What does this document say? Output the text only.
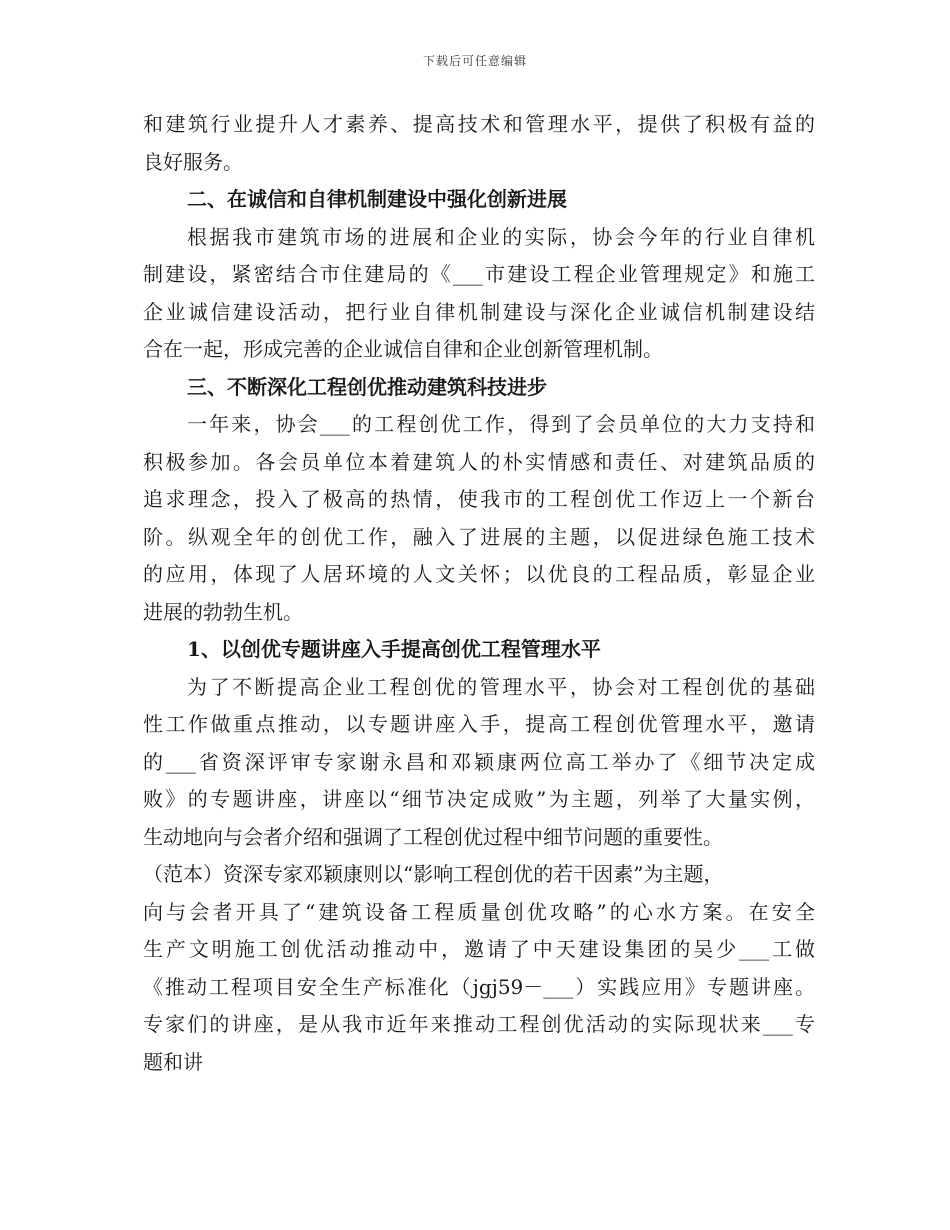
下载后可任意编辑
和建筑行业提升人才素养、提高技术和管理水平，提供了积极有益的
良好服务。
二、在诚信和自律机制建设中强化创新进展
根据我市建筑市场的进展和企业的实际，协会今年的行业自律机
制建设，紧密结合市住建局的《___市建设工程企业管理规定》和施工
企业诚信建设活动，把行业自律机制建设与深化企业诚信机制建设结
合在一起，形成完善的企业诚信自律和企业创新管理机制。
三、不断深化工程创优推动建筑科技进步
一年来，协会___的工程创优工作，得到了会员单位的大力支持和
积极参加。各会员单位本着建筑人的朴实情感和责任、对建筑品质的
追求理念，投入了极高的热情，使我市的工程创优工作迈上一个新台
阶。纵观全年的创优工作，融入了进展的主题，以促进绿色施工技术
的应用，体现了人居环境的人文关怀；以优良的工程品质，彰显企业
进展的勃勃生机。
1、以创优专题讲座入手提高创优工程管理水平
为了不断提高企业工程创优的管理水平，协会对工程创优的基础
性工作做重点推动，以专题讲座入手，提高工程创优管理水平，邀请
的___省资深评审专家谢永昌和邓颖康两位高工举办了《细节决定成
败》的专题讲座，讲座以“细节决定成败”为主题，列举了大量实例，
生动地向与会者介绍和强调了工程创优过程中细节问题的重要性。
（范本）资深专家邓颖康则以“影响工程创优的若干因素”为主题，
向与会者开具了“建筑设备工程质量创优攻略”的心水方案。在安全
生产文明施工创优活动推动中，邀请了中天建设集团的吴少___工做
《推动工程项目安全生产标准化（jgj59－___）实践应用》专题讲座。
专家们的讲座，是从我市近年来推动工程创优活动的实际现状来___专
题和讲
